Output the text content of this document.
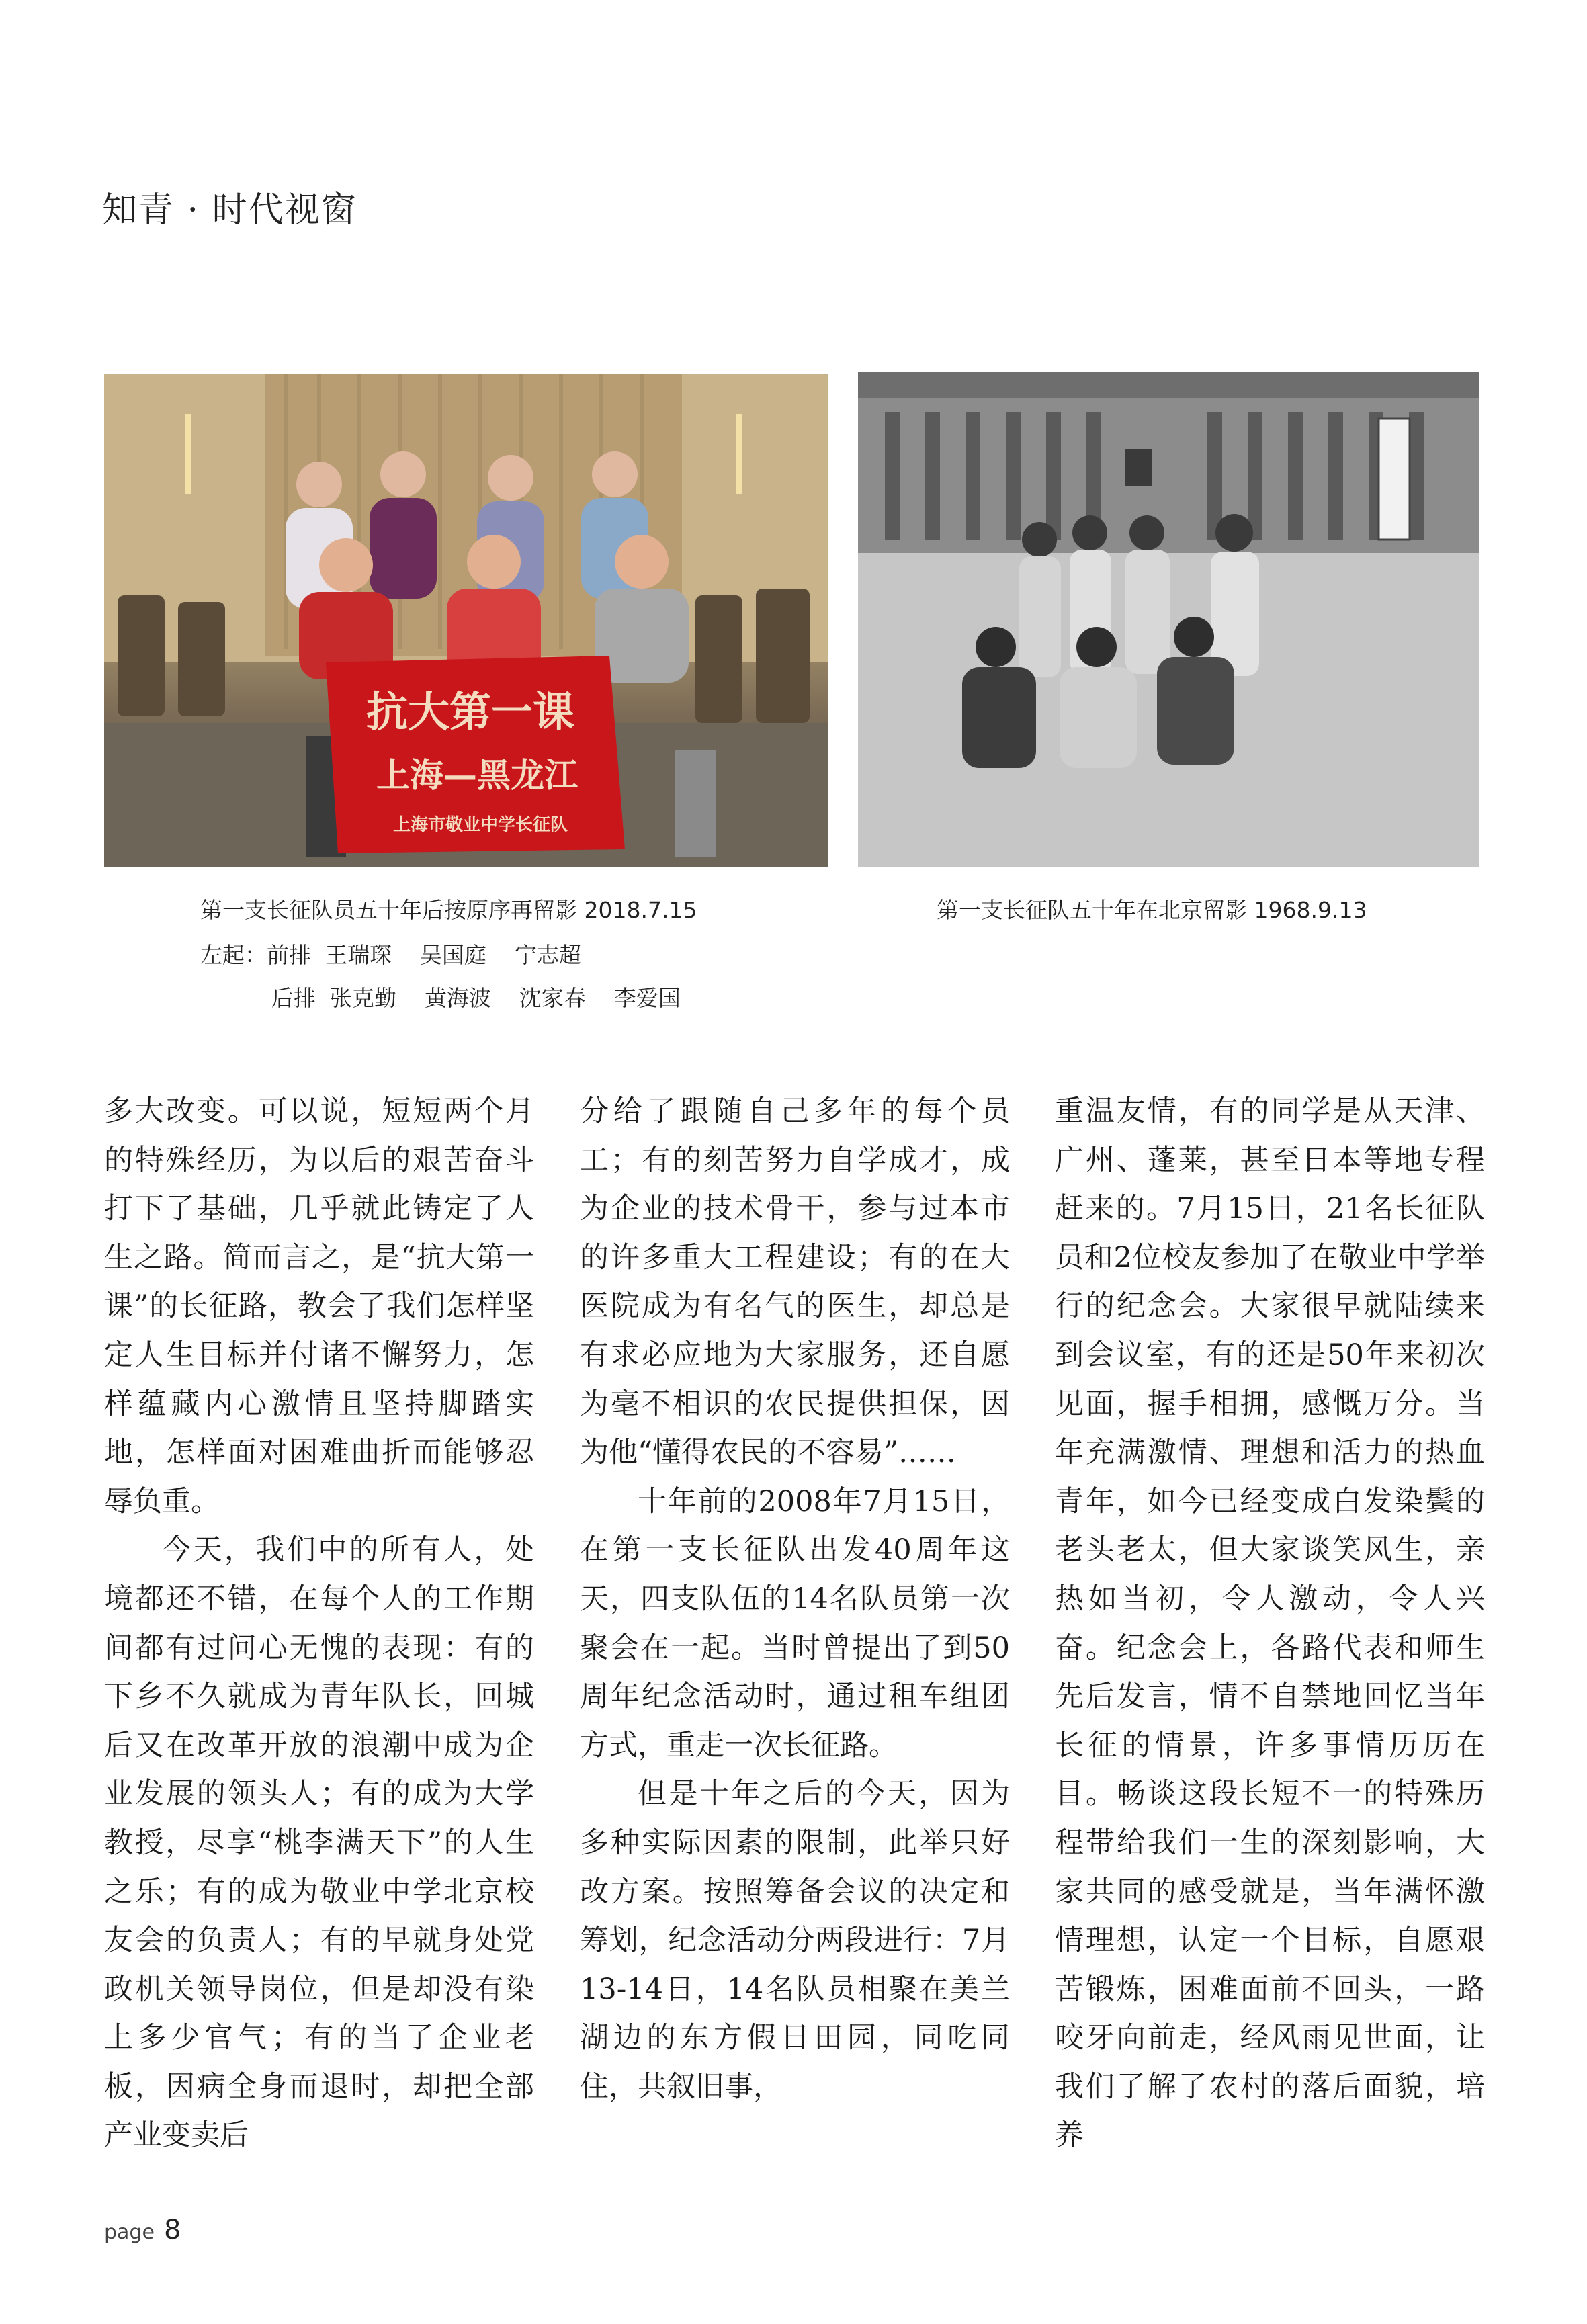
知青 · 时代视窗
抗大第一课
上海—黑龙江
上海市敬业中学长征队
第一支长征队员五十年后按原序再留影 2018.7.15
左起：前排  王瑞琛    吴国庭    宁志超
后排  张克勤    黄海波    沈家春    李爱国
第一支长征队五十年在北京留影 1968.9.13

多大改变。可以说，短短两个月的特殊经历，为以后的艰苦奋斗打下了基础，几乎就此铸定了人生之路。简而言之，是“抗大第一课”的长征路，教会了我们怎样坚定人生目标并付诸不懈努力，怎样蕴藏内心激情且坚持脚踏实地，怎样面对困难曲折而能够忍辱负重。

今天，我们中的所有人，处境都还不错，在每个人的工作期间都有过问心无愧的表现：有的下乡不久就成为青年队长，回城后又在改革开放的浪潮中成为企业发展的领头人；有的成为大学教授，尽享“桃李满天下”的人生之乐；有的成为敬业中学北京校友会的负责人；有的早就身处党政机关领导岗位，但是却没有染上多少官气；有的当了企业老板，因病全身而退时，却把全部产业变卖后

分给了跟随自己多年的每个员工；有的刻苦努力自学成才，成为企业的技术骨干，参与过本市的许多重大工程建设；有的在大医院成为有名气的医生，却总是有求必应地为大家服务，还自愿为毫不相识的农民提供担保，因为他“懂得农民的不容易”……

十年前的2008年7月15日，在第一支长征队出发40周年这天，四支队伍的14名队员第一次聚会在一起。当时曾提出了到50周年纪念活动时，通过租车组团方式，重走一次长征路。

但是十年之后的今天，因为多种实际因素的限制，此举只好改方案。按照筹备会议的决定和筹划，纪念活动分两段进行：7月13-14日，14名队员相聚在美兰湖边的东方假日田园，同吃同住，共叙旧事，

重温友情，有的同学是从天津、广州、蓬莱，甚至日本等地专程赶来的。7月15日，21名长征队员和2位校友参加了在敬业中学举行的纪念会。大家很早就陆续来到会议室，有的还是50年来初次见面，握手相拥，感慨万分。当年充满激情、理想和活力的热血青年，如今已经变成白发染鬓的老头老太，但大家谈笑风生，亲热如当初，令人激动，令人兴奋。纪念会上，各路代表和师生先后发言，情不自禁地回忆当年长征的情景，许多事情历历在目。畅谈这段长短不一的特殊历程带给我们一生的深刻影响，大家共同的感受就是，当年满怀激情理想，认定一个目标，自愿艰苦锻炼，困难面前不回头，一路咬牙向前走，经风雨见世面，让我们了解了农村的落后面貌，培养

page 8
